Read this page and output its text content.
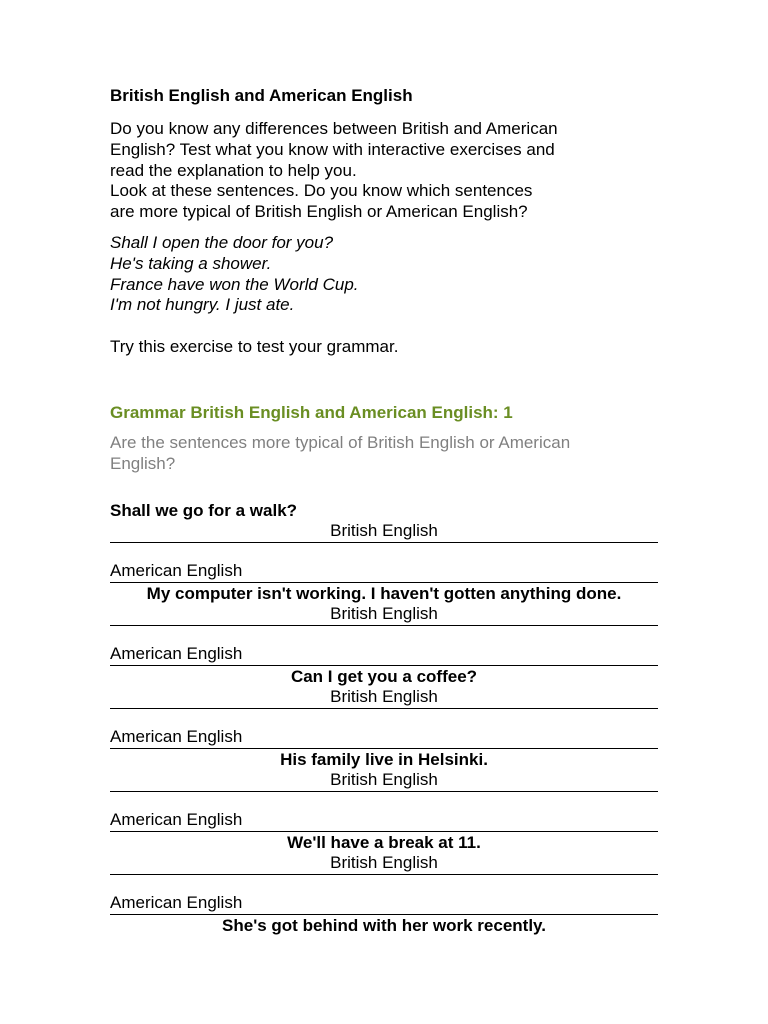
British English and American English
Do you know any differences between British and American
English? Test what you know with interactive exercises and
read the explanation to help you.
Look at these sentences. Do you know which sentences
are more typical of British English or American English?
Shall I open the door for you?
He's taking a shower.
France have won the World Cup.
I'm not hungry. I just ate.
Try this exercise to test your grammar.
Grammar British English and American English: 1
Are the sentences more typical of British English or American
English?
Shall we go for a walk?
British English
American English
My computer isn't working. I haven't gotten anything done.
British English
American English
Can I get you a coffee?
British English
American English
His family live in Helsinki.
British English
American English
We'll have a break at 11.
British English
American English
She's got behind with her work recently.
